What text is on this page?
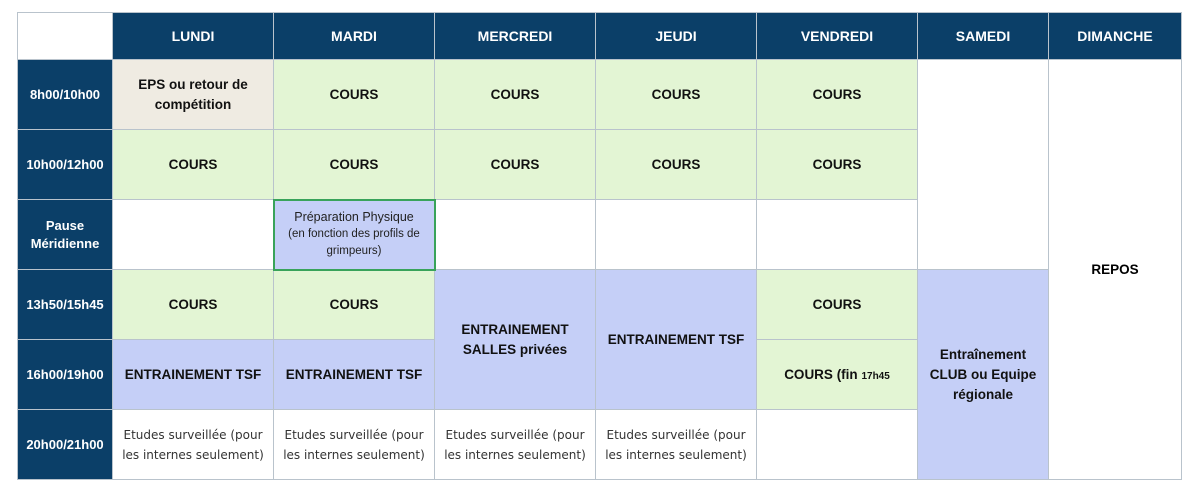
	LUNDI	MARDI	MERCREDI	JEUDI	VENDREDI	SAMEDI	DIMANCHE
8h00/10h00	EPS ou retour de compétition	COURS	COURS	COURS	COURS		REPOS
10h00/12h00	COURS	COURS	COURS	COURS	COURS		
Pause Méridienne		Préparation Physique
(en fonction des profils de grimpeurs)					

13h50/15h45	COURS	COURS	ENTRAINEMENT SALLES privées	ENTRAINEMENT TSF	COURS	Entraînement CLUB ou Equipe régionale	
16h00/19h00	ENTRAINEMENT TSF	ENTRAINEMENT TSF			COURS (fin 17h45		
20h00/21h00	Etudes surveillée (pour les internes seulement)	Etudes surveillée (pour les internes seulement)	Etudes surveillée (pour les internes seulement)	Etudes surveillée (pour les internes seulement)			
